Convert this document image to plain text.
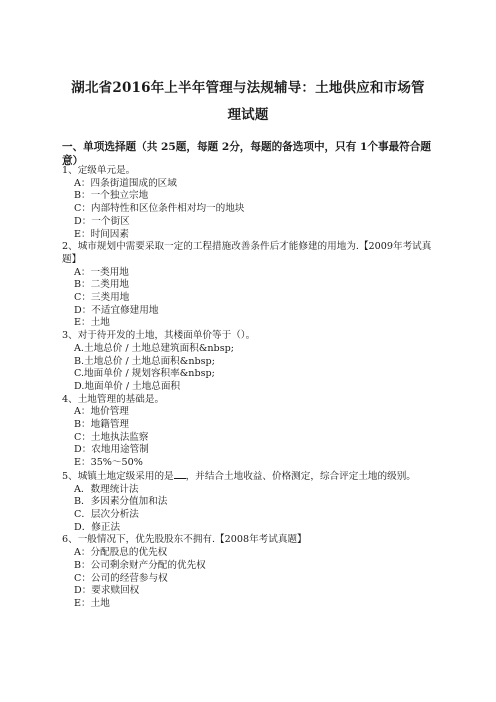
湖北省2016年上半年管理与法规辅导：土地供应和市场管
理试题
一、单项选择题（共 25题，每题 2分，每题的备选项中，只有 1个事最符合题意）

1、定级单元是。

A：四条街道围成的区域

B：一个独立宗地

C：内部特性和区位条件相对均一的地块

D：一个街区

E：时间因素

2、城市规划中需要采取一定的工程措施改善条件后才能修建的用地为.【2009年考试真题】

A：一类用地

B：二类用地

C：三类用地

D：不适宜修建用地

E：土地

3、对于待开发的土地，其楼面单价等于（）。

A.土地总价 / 土地总建筑面积&nbsp;

B.土地总价 / 土地总面积&nbsp;

C.地面单价 / 规划容积率&nbsp;

D.地面单价 / 土地总面积

4、土地管理的基础是。

A：地价管理

B：地籍管理

C：土地执法监察

D：农地用途管制

E：35%～50%

5、城镇土地定级采用的是 ，并结合土地收益、价格测定，综合评定土地的级别。

A．数理统计法

B．多因素分值加和法

C．层次分析法

D．修正法

6、一般情况下，优先股股东不拥有.【2008年考试真题】

A：分配股息的优先权

B：公司剩余财产分配的优先权

C：公司的经营参与权

D：要求赎回权

E：土地
